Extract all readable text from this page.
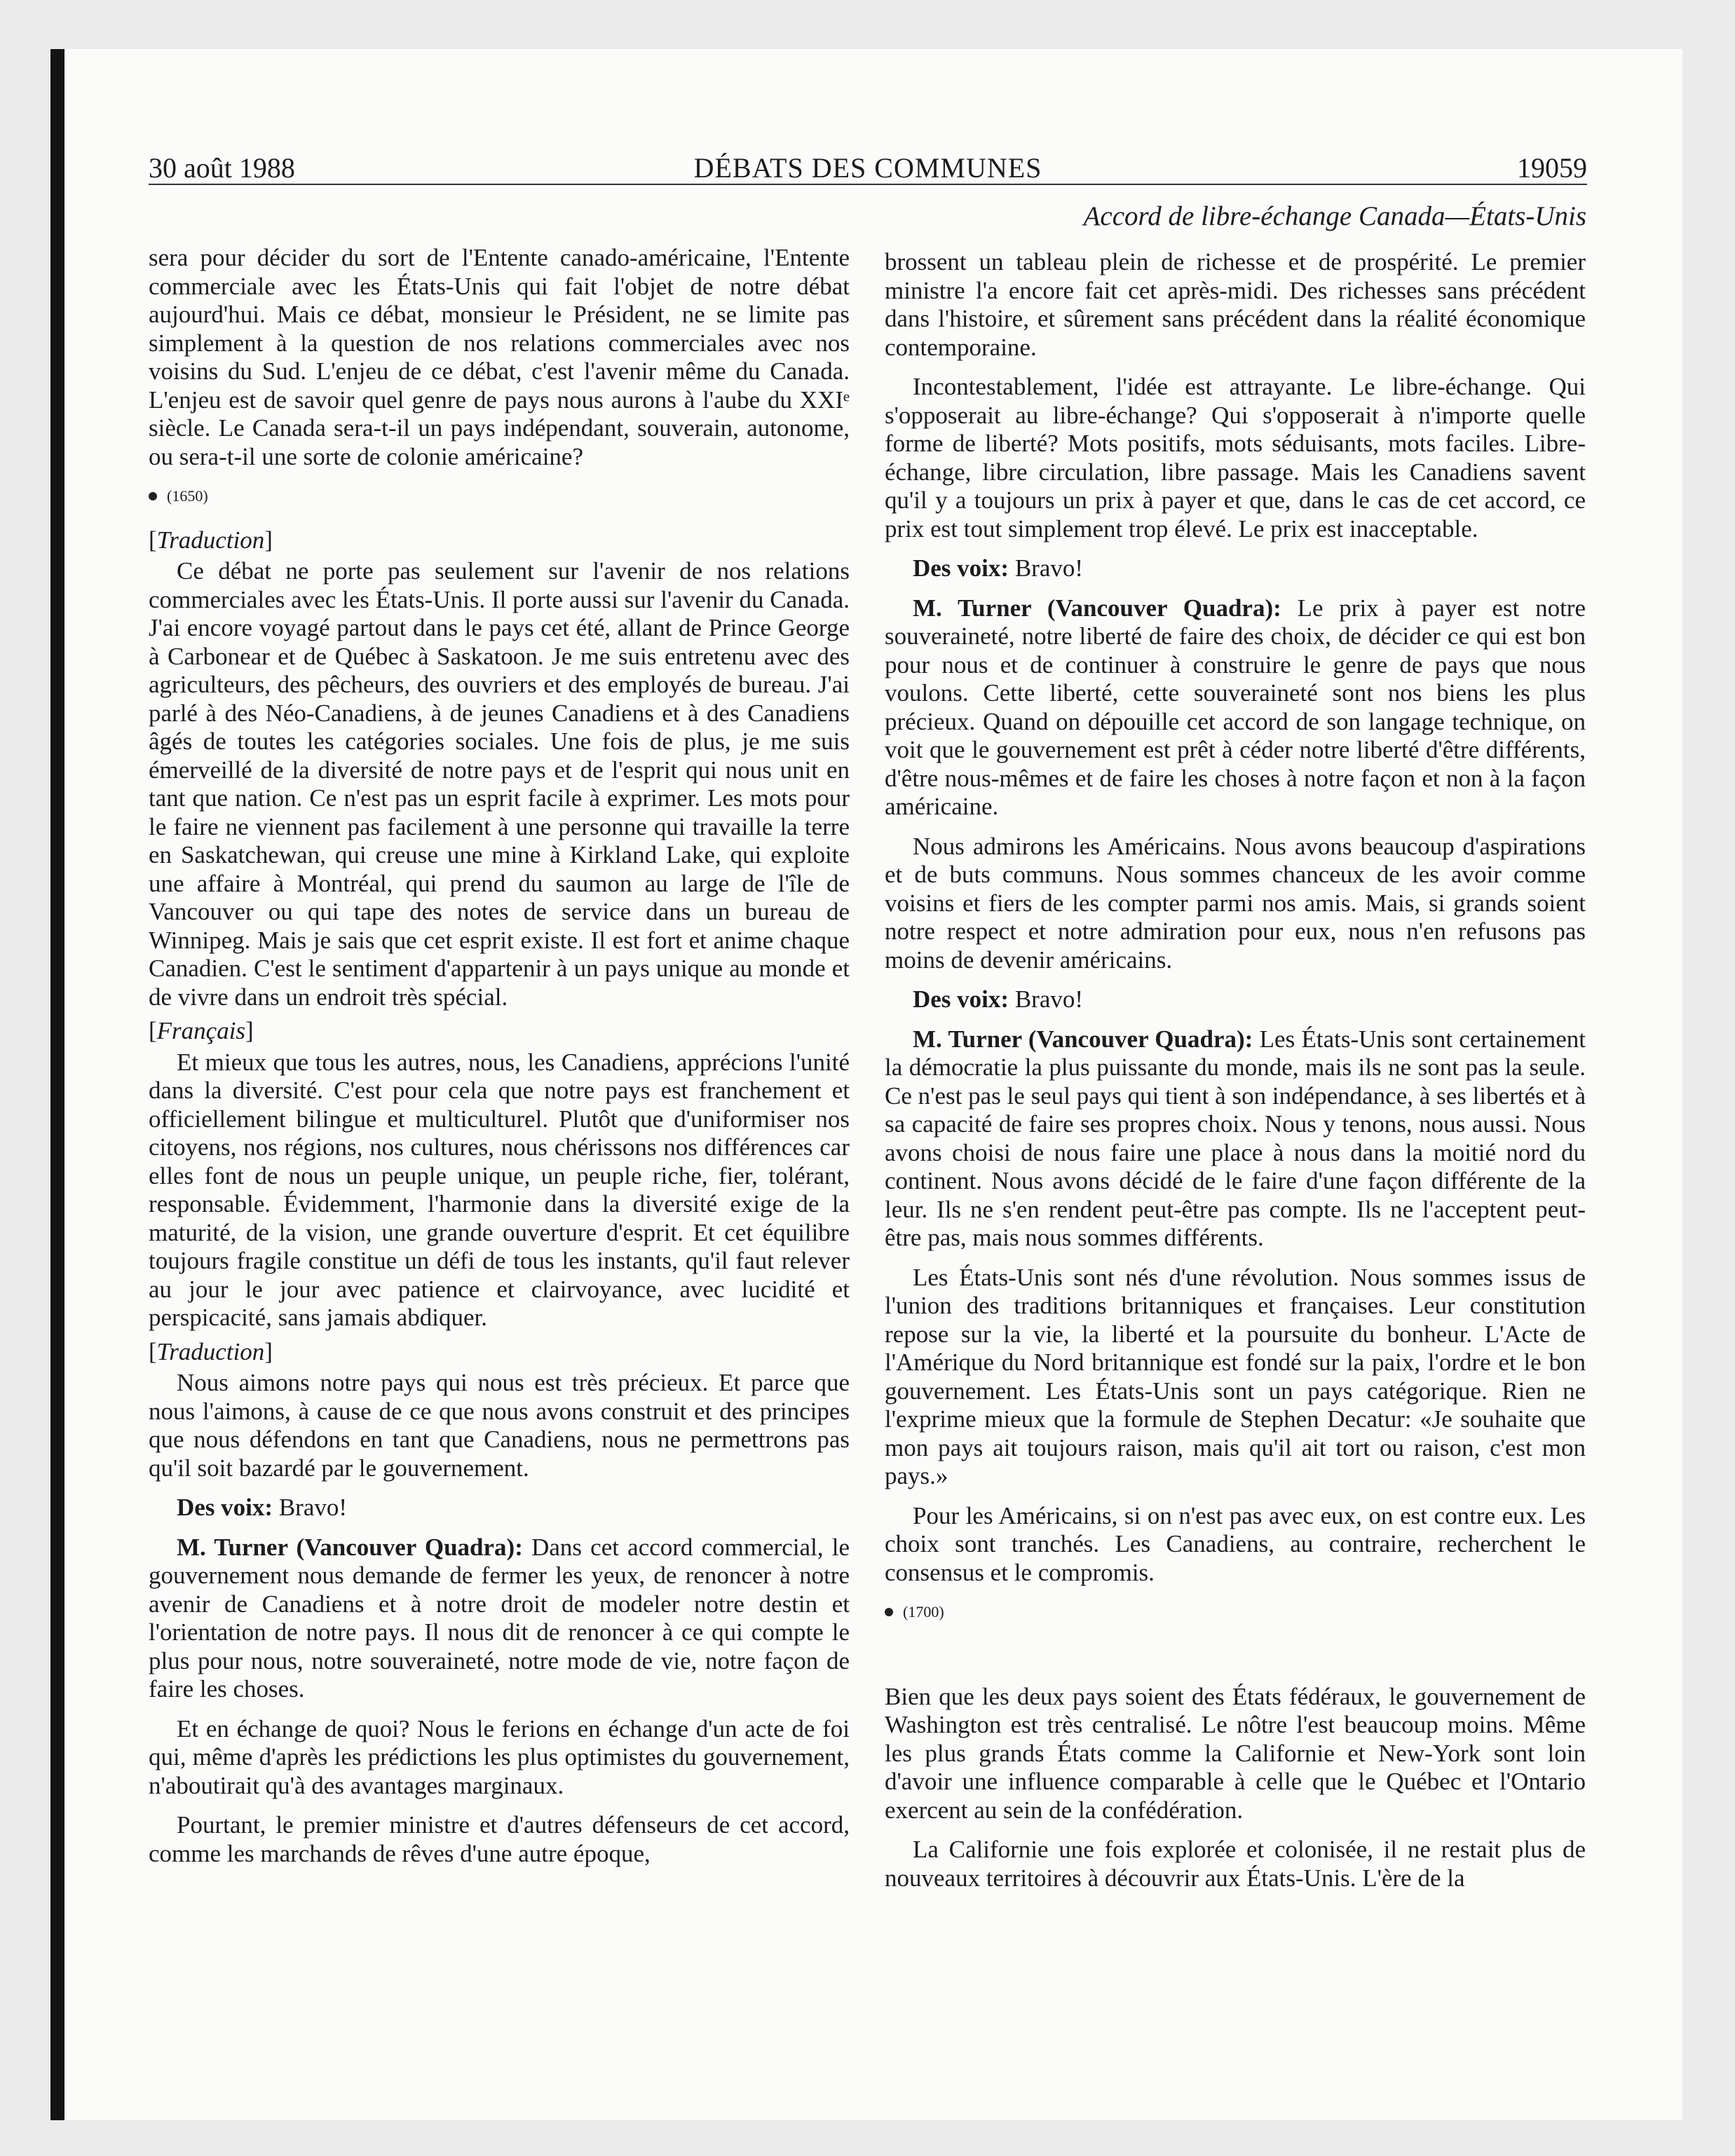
30 août 1988	DÉBATS DES COMMUNES	19059
Accord de libre-échange Canada—États-Unis

sera pour décider du sort de l'Entente canado-américaine, l'Entente commerciale avec les États-Unis qui fait l'objet de notre débat aujourd'hui. Mais ce débat, monsieur le Président, ne se limite pas simplement à la question de nos relations commerciales avec nos voisins du Sud. L'enjeu de ce débat, c'est l'avenir même du Canada. L'enjeu est de savoir quel genre de pays nous aurons à l'aube du XXIᵉ siècle. Le Canada sera-t-il un pays indépendant, souverain, autonome, ou sera-t-il une sorte de colonie américaine?

(1650)
[Traduction]

Ce débat ne porte pas seulement sur l'avenir de nos relations commerciales avec les États-Unis. Il porte aussi sur l'avenir du Canada. J'ai encore voyagé partout dans le pays cet été, allant de Prince George à Carbonear et de Québec à Saskatoon. Je me suis entretenu avec des agriculteurs, des pêcheurs, des ouvriers et des employés de bureau. J'ai parlé à des Néo-Canadiens, à de jeunes Canadiens et à des Canadiens âgés de toutes les catégories sociales. Une fois de plus, je me suis émerveillé de la diversité de notre pays et de l'esprit qui nous unit en tant que nation. Ce n'est pas un esprit facile à exprimer. Les mots pour le faire ne viennent pas facilement à une personne qui travaille la terre en Saskatchewan, qui creuse une mine à Kirkland Lake, qui exploite une affaire à Montréal, qui prend du saumon au large de l'île de Vancouver ou qui tape des notes de service dans un bureau de Winnipeg. Mais je sais que cet esprit existe. Il est fort et anime chaque Canadien. C'est le sentiment d'appartenir à un pays unique au monde et de vivre dans un endroit très spécial.

[Français]

Et mieux que tous les autres, nous, les Canadiens, apprécions l'unité dans la diversité. C'est pour cela que notre pays est franchement et officiellement bilingue et multiculturel. Plutôt que d'uniformiser nos citoyens, nos régions, nos cultures, nous chérissons nos différences car elles font de nous un peuple unique, un peuple riche, fier, tolérant, responsable. Évidemment, l'harmonie dans la diversité exige de la maturité, de la vision, une grande ouverture d'esprit. Et cet équilibre toujours fragile constitue un défi de tous les instants, qu'il faut relever au jour le jour avec patience et clairvoyance, avec lucidité et perspicacité, sans jamais abdiquer.

[Traduction]

Nous aimons notre pays qui nous est très précieux. Et parce que nous l'aimons, à cause de ce que nous avons construit et des principes que nous défendons en tant que Canadiens, nous ne permettrons pas qu'il soit bazardé par le gouvernement.

Des voix: Bravo!

M. Turner (Vancouver Quadra): Dans cet accord commercial, le gouvernement nous demande de fermer les yeux, de renoncer à notre avenir de Canadiens et à notre droit de modeler notre destin et l'orientation de notre pays. Il nous dit de renoncer à ce qui compte le plus pour nous, notre souveraineté, notre mode de vie, notre façon de faire les choses.

Et en échange de quoi? Nous le ferions en échange d'un acte de foi qui, même d'après les prédictions les plus optimistes du gouvernement, n'aboutirait qu'à des avantages marginaux.

Pourtant, le premier ministre et d'autres défenseurs de cet accord, comme les marchands de rêves d'une autre époque,

brossent un tableau plein de richesse et de prospérité. Le premier ministre l'a encore fait cet après-midi. Des richesses sans précédent dans l'histoire, et sûrement sans précédent dans la réalité économique contemporaine.

Incontestablement, l'idée est attrayante. Le libre-échange. Qui s'opposerait au libre-échange? Qui s'opposerait à n'importe quelle forme de liberté? Mots positifs, mots séduisants, mots faciles. Libre-échange, libre circulation, libre passage. Mais les Canadiens savent qu'il y a toujours un prix à payer et que, dans le cas de cet accord, ce prix est tout simplement trop élevé. Le prix est inacceptable.

Des voix: Bravo!

M. Turner (Vancouver Quadra): Le prix à payer est notre souveraineté, notre liberté de faire des choix, de décider ce qui est bon pour nous et de continuer à construire le genre de pays que nous voulons. Cette liberté, cette souveraineté sont nos biens les plus précieux. Quand on dépouille cet accord de son langage technique, on voit que le gouvernement est prêt à céder notre liberté d'être différents, d'être nous-mêmes et de faire les choses à notre façon et non à la façon américaine.

Nous admirons les Américains. Nous avons beaucoup d'aspirations et de buts communs. Nous sommes chanceux de les avoir comme voisins et fiers de les compter parmi nos amis. Mais, si grands soient notre respect et notre admiration pour eux, nous n'en refusons pas moins de devenir américains.

Des voix: Bravo!

M. Turner (Vancouver Quadra): Les États-Unis sont certainement la démocratie la plus puissante du monde, mais ils ne sont pas la seule. Ce n'est pas le seul pays qui tient à son indépendance, à ses libertés et à sa capacité de faire ses propres choix. Nous y tenons, nous aussi. Nous avons choisi de nous faire une place à nous dans la moitié nord du continent. Nous avons décidé de le faire d'une façon différente de la leur. Ils ne s'en rendent peut-être pas compte. Ils ne l'acceptent peut-être pas, mais nous sommes différents.

Les États-Unis sont nés d'une révolution. Nous sommes issus de l'union des traditions britanniques et françaises. Leur constitution repose sur la vie, la liberté et la poursuite du bonheur. L'Acte de l'Amérique du Nord britannique est fondé sur la paix, l'ordre et le bon gouvernement. Les États-Unis sont un pays catégorique. Rien ne l'exprime mieux que la formule de Stephen Decatur: «Je souhaite que mon pays ait toujours raison, mais qu'il ait tort ou raison, c'est mon pays.»

Pour les Américains, si on n'est pas avec eux, on est contre eux. Les choix sont tranchés. Les Canadiens, au contraire, recherchent le consensus et le compromis.

(1700)

Bien que les deux pays soient des États fédéraux, le gouvernement de Washington est très centralisé. Le nôtre l'est beaucoup moins. Même les plus grands États comme la Californie et New-York sont loin d'avoir une influence comparable à celle que le Québec et l'Ontario exercent au sein de la confédération.

La Californie une fois explorée et colonisée, il ne restait plus de nouveaux territoires à découvrir aux États-Unis. L'ère de la
